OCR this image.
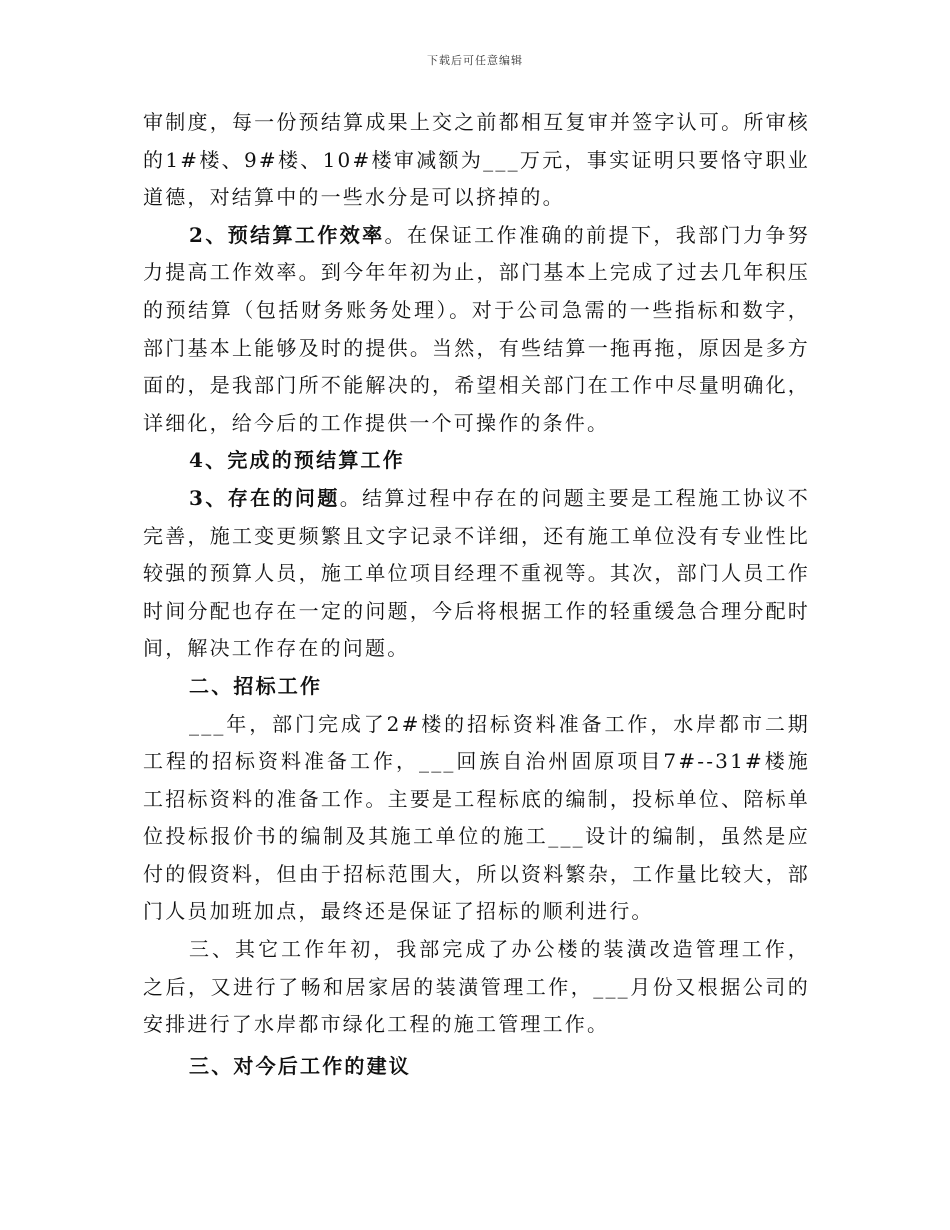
下载后可任意编辑

审制度，每一份预结算成果上交之前都相互复审并签字认可。所审核的1#楼、9#楼、10#楼审减额为___万元，事实证明只要恪守职业道德，对结算中的一些水分是可以挤掉的。

2、预结算工作效率。在保证工作准确的前提下，我部门力争努力提高工作效率。到今年年初为止，部门基本上完成了过去几年积压的预结算（包括财务账务处理）。对于公司急需的一些指标和数字，部门基本上能够及时的提供。当然，有些结算一拖再拖，原因是多方面的，是我部门所不能解决的，希望相关部门在工作中尽量明确化，详细化，给今后的工作提供一个可操作的条件。

4、完成的预结算工作

3、存在的问题。结算过程中存在的问题主要是工程施工协议不完善，施工变更频繁且文字记录不详细，还有施工单位没有专业性比较强的预算人员，施工单位项目经理不重视等。其次，部门人员工作时间分配也存在一定的问题，今后将根据工作的轻重缓急合理分配时间，解决工作存在的问题。

二、招标工作

___年，部门完成了2#楼的招标资料准备工作，水岸都市二期工程的招标资料准备工作，___回族自治州固原项目7#--31#楼施工招标资料的准备工作。主要是工程标底的编制，投标单位、陪标单位投标报价书的编制及其施工单位的施工___设计的编制，虽然是应付的假资料，但由于招标范围大，所以资料繁杂，工作量比较大，部门人员加班加点，最终还是保证了招标的顺利进行。

三、其它工作年初，我部完成了办公楼的装潢改造管理工作，之后，又进行了畅和居家居的装潢管理工作，___月份又根据公司的安排进行了水岸都市绿化工程的施工管理工作。

三、对今后工作的建议
